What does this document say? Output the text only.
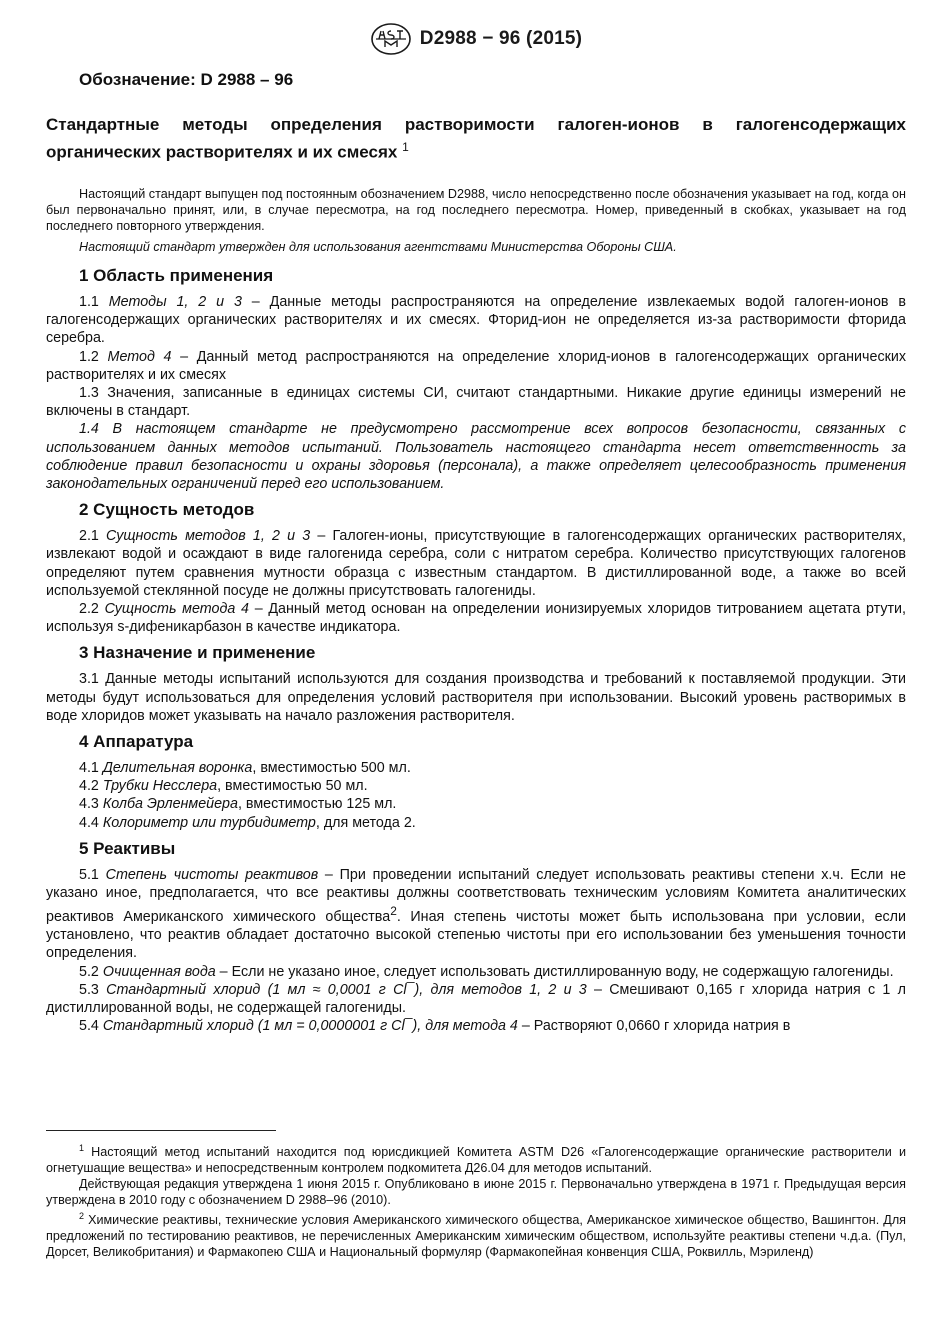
D2988 − 96 (2015)
Обозначение: D 2988 – 96
Стандартные методы определения растворимости галоген-ионов в галогенсодержащих органических растворителях и их смесях $^1$

Настоящий стандарт выпущен под постоянным обозначением D2988, число непосредственно после обозначения указывает на год, когда он был первоначально принят, или, в случае пересмотра, на год последнего пересмотра. Номер, приведенный в скобках, указывает на год последнего повторного утверждения.

Настоящий стандарт утвержден для использования агентствами Министерства Обороны США.

1 Область применения

1.1 Методы 1, 2 и 3 – Данные методы распространяются на определение извлекаемых водой галоген-ионов в галогенсодержащих органических растворителях и их смесях. Фторид-ион не определяется из-за растворимости фторида серебра.

1.2 Метод 4 – Данный метод распространяются на определение хлорид-ионов в галогенсодержащих органических растворителях и их смесях

1.3 Значения, записанные в единицах системы СИ, считают стандартными. Никакие другие единицы измерений не включены в стандарт.

1.4 В настоящем стандарте не предусмотрено рассмотрение всех вопросов безопасности, связанных с использованием данных методов испытаний. Пользователь настоящего стандарта несет ответственность за соблюдение правил безопасности и охраны здоровья (персонала), а также определяет целесообразность применения законодательных ограничений перед его использованием.

2 Сущность методов

2.1 Сущность методов 1, 2 и 3 – Галоген-ионы, присутствующие в галогенсодержащих органических растворителях, извлекают водой и осаждают в виде галогенида серебра, соли с нитратом серебра. Количество присутствующих галогенов определяют путем сравнения мутности образца с известным стандартом. В дистиллированной воде, а также во всей используемой стеклянной посуде не должны присутствовать галогениды.

2.2 Сущность метода 4 – Данный метод основан на определении ионизируемых хлоридов титрованием ацетата ртути, используя s-дифеникарбазон в качестве индикатора.

3 Назначение и применение

3.1 Данные методы испытаний используются для создания производства и требований к поставляемой продукции. Эти методы будут использоваться для определения условий растворителя при использовании. Высокий уровень растворимых в воде хлоридов может указывать на начало разложения растворителя.

4 Аппаратура

4.1 Делительная воронка, вместимостью 500 мл.

4.2 Трубки Несслера, вместимостью 50 мл.

4.3 Колба Эрленмейера, вместимостью 125 мл.

4.4 Колориметр или турбидиметр, для метода 2.

5 Реактивы

5.1 Степень чистоты реактивов – При проведении испытаний следует использовать реактивы степени х.ч. Если не указано иное, предполагается, что все реактивы должны соответствовать техническим условиям Комитета аналитических реактивов Американского химического общества$^2$. Иная степень чистоты может быть использована при условии, если установлено, что реактив обладает достаточно высокой степенью чистоты при его использовании без уменьшения точности определения.

5.2 Очищенная вода – Если не указано иное, следует использовать дистиллированную воду, не содержащую галогениды.

5.3 Стандартный хлорид (1 мл ≈ 0,0001 г Cl¯), для методов 1, 2 и 3 – Смешивают 0,165 г хлорида натрия с 1 л дистиллированной воды, не содержащей галогениды.

5.4 Стандартный хлорид (1 мл = 0,0000001 г Cl¯), для метода 4 – Растворяют 0,0660 г хлорида натрия в

$^1$ Настоящий метод испытаний находится под юрисдикцией Комитета ASTM D26 «Галогенсодержащие органические растворители и огнетушащие вещества» и непосредственным контролем подкомитета Д26.04 для методов испытаний.

Действующая редакция утверждена 1 июня 2015 г. Опубликовано в июне 2015 г. Первоначально утверждена в 1971 г. Предыдущая версия утверждена в 2010 году с обозначением D 2988–96 (2010).

$^2$ Химические реактивы, технические условия Американского химического общества, Американское химическое общество, Вашингтон. Для предложений по тестированию реактивов, не перечисленных Американским химическим обществом, используйте реактивы степени ч.д.а. (Пул, Дорсет, Великобритания) и Фармакопею США и Национальный формуляр (Фармакопейная конвенция США, Роквилль, Мэриленд)
